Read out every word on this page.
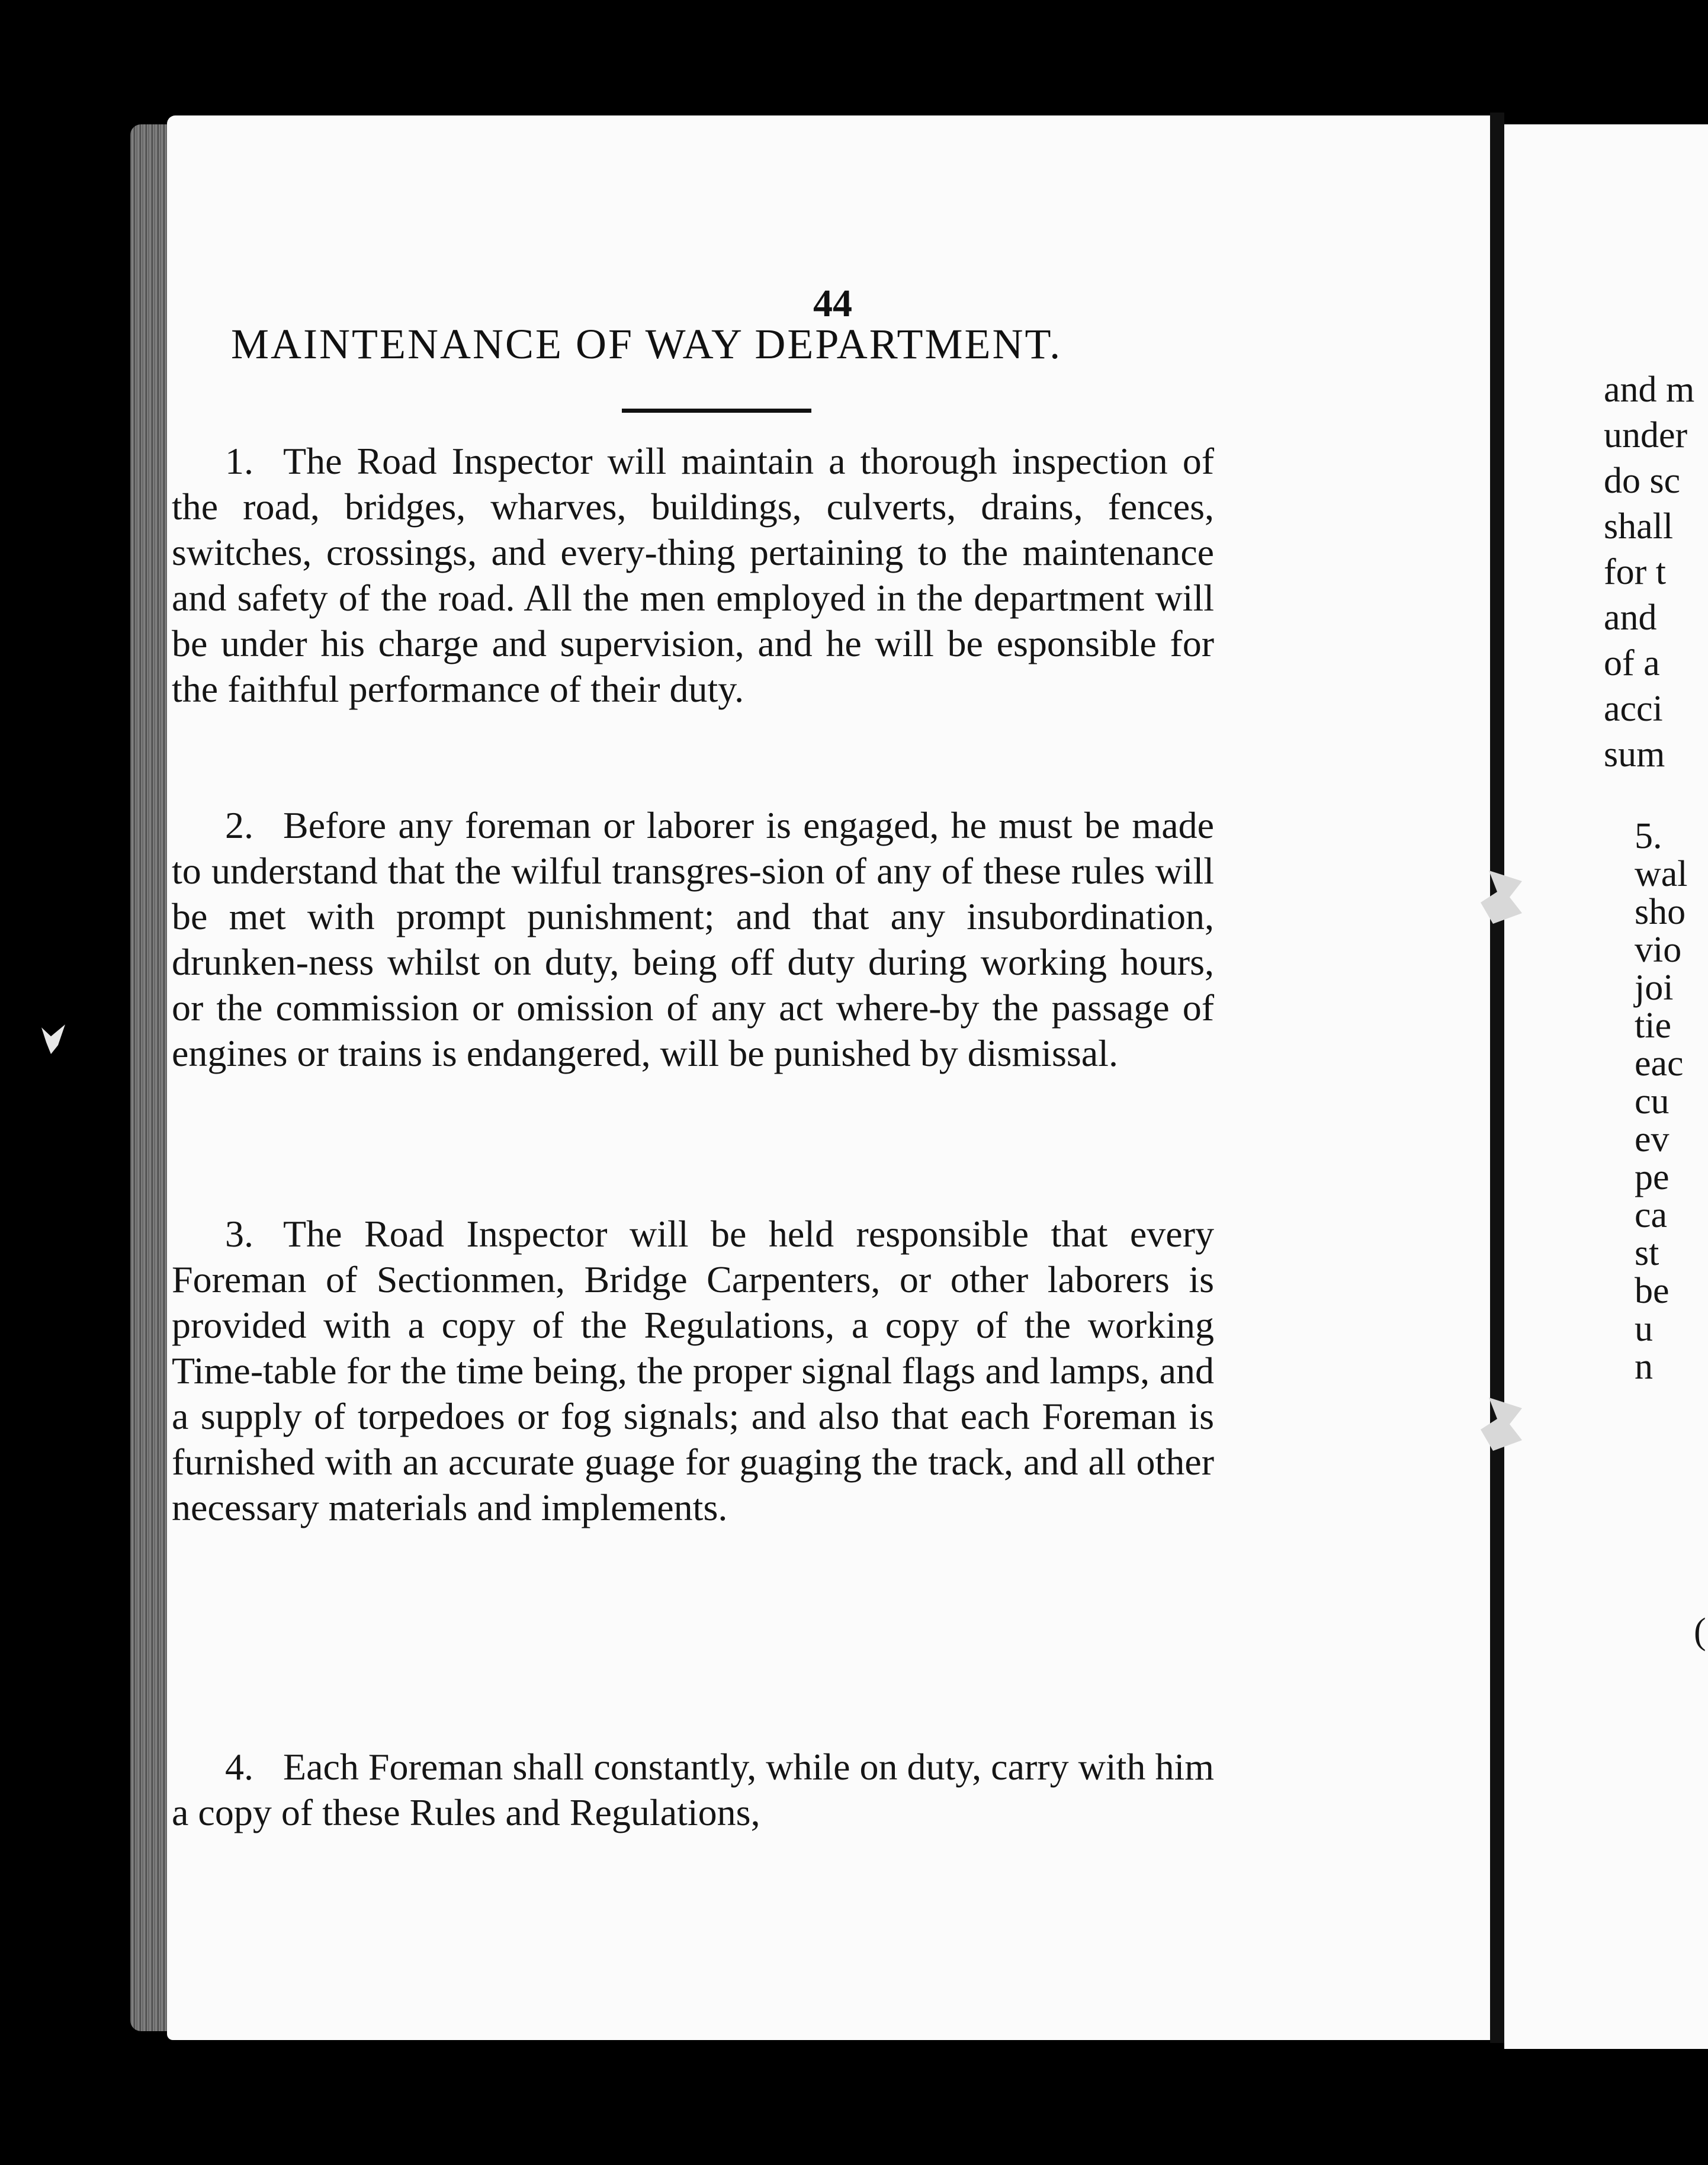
44
MAINTENANCE OF WAY DEPARTMENT.
1. The Road Inspector will maintain a thorough inspection of the road, bridges, wharves, buildings, culverts, drains, fences, switches, crossings, and every-thing pertaining to the maintenance and safety of the road. All the men employed in the department will be under his charge and supervision, and he will be esponsible for the faithful performance of their duty.
2. Before any foreman or laborer is engaged, he must be made to understand that the wilful transgres-sion of any of these rules will be met with prompt punishment; and that any insubordination, drunken-ness whilst on duty, being off duty during working hours, or the commission or omission of any act where-by the passage of engines or trains is endangered, will be punished by dismissal.
3. The Road Inspector will be held responsible that every Foreman of Sectionmen, Bridge Carpenters, or other laborers is provided with a copy of the Regulations, a copy of the working Time-table for the time being, the proper signal flags and lamps, and a supply of torpedoes or fog signals; and also that each Foreman is furnished with an accurate guage for guaging the track, and all other necessary materials and implements.
4. Each Foreman shall constantly, while on duty, carry with him a copy of these Rules and Regulations,
and m
under
do sc
shall
for t
and
of a
acci
sum
5.
wal
sho
vio
joi
tie
eac
cu
ev
pe
ca
st
be
u
n

(
